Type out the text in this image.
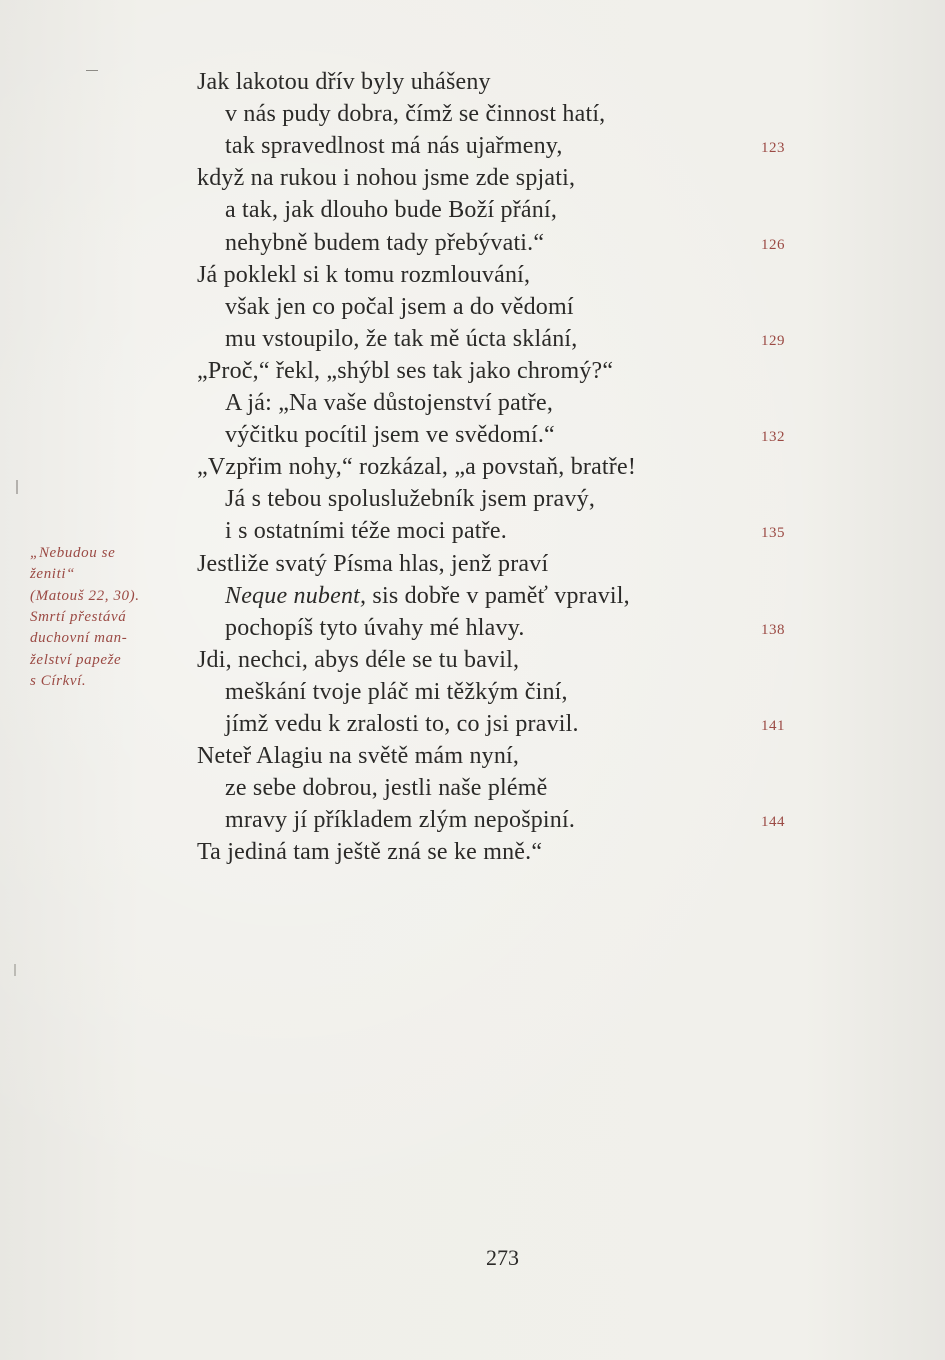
Jak lakotou dřív byly uhášeny
v nás pudy dobra, čímž se činnost hatí,
tak spravedlnost má nás ujařmeny,
když na rukou i nohou jsme zde spjati,
a tak, jak dlouho bude Boží přání,
nehybně budem tady přebývati.“
Já poklekl si k tomu rozmlouvání,
však jen co počal jsem a do vědomí
mu vstoupilo, že tak mě úcta sklání,
„Proč,“ řekl, „shýbl ses tak jako chromý?“
A já: „Na vaše důstojenství patře,
výčitku pocítil jsem ve svědomí.“
„Vzpřim nohy,“ rozkázal, „a povstaň, bratře!
Já s tebou spoluslužebník jsem pravý,
i s ostatními téže moci patře.
Jestliže svatý Písma hlas, jenž praví
Neque nubent, sis dobře v paměť vpravil,
pochopíš tyto úvahy mé hlavy.
Jdi, nechci, abys déle se tu bavil,
meškání tvoje pláč mi těžkým činí,
jímž vedu k zralosti to, co jsi pravil.
Neteř Alagiu na světě mám nyní,
ze sebe dobrou, jestli naše plémě
mravy jí příkladem zlým nepošpiní.
Ta jediná tam ještě zná se ke mně.“
123
126
129
132
135
138
141
144
„Nebudou se
ženiti“
(Matouš 22, 30).
Smrtí přestává
duchovní man-
želství papeže
s Církví.
273
